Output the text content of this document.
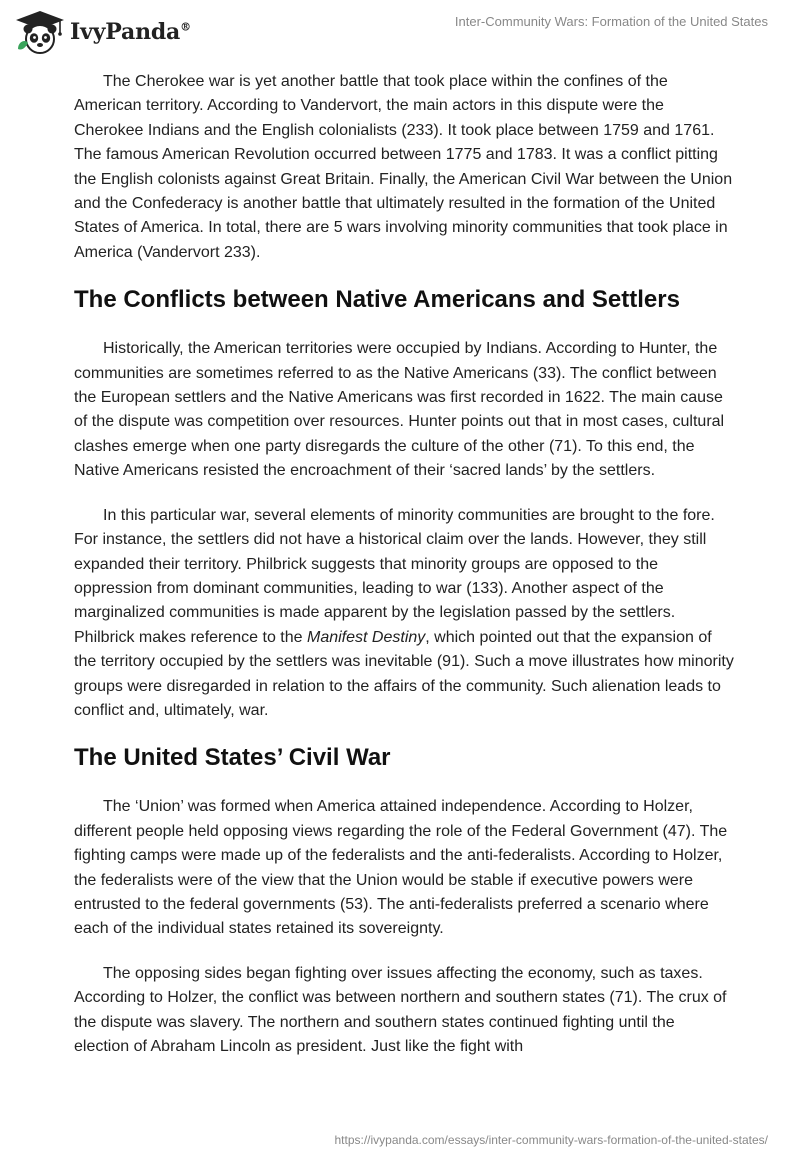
IvyPanda®	Inter-Community Wars: Formation of the United States

The Cherokee war is yet another battle that took place within the confines of the American territory. According to Vandervort, the main actors in this dispute were the Cherokee Indians and the English colonialists (233). It took place between 1759 and 1761. The famous American Revolution occurred between 1775 and 1783. It was a conflict pitting the English colonists against Great Britain. Finally, the American Civil War between the Union and the Confederacy is another battle that ultimately resulted in the formation of the United States of America. In total, there are 5 wars involving minority communities that took place in America (Vandervort 233).

The Conflicts between Native Americans and Settlers

Historically, the American territories were occupied by Indians. According to Hunter, the communities are sometimes referred to as the Native Americans (33). The conflict between the European settlers and the Native Americans was first recorded in 1622. The main cause of the dispute was competition over resources. Hunter points out that in most cases, cultural clashes emerge when one party disregards the culture of the other (71). To this end, the Native Americans resisted the encroachment of their ‘sacred lands’ by the settlers.

In this particular war, several elements of minority communities are brought to the fore. For instance, the settlers did not have a historical claim over the lands. However, they still expanded their territory. Philbrick suggests that minority groups are opposed to the oppression from dominant communities, leading to war (133). Another aspect of the marginalized communities is made apparent by the legislation passed by the settlers. Philbrick makes reference to the Manifest Destiny, which pointed out that the expansion of the territory occupied by the settlers was inevitable (91). Such a move illustrates how minority groups were disregarded in relation to the affairs of the community. Such alienation leads to conflict and, ultimately, war.

The United States’ Civil War

The ‘Union’ was formed when America attained independence. According to Holzer, different people held opposing views regarding the role of the Federal Government (47). The fighting camps were made up of the federalists and the anti-federalists. According to Holzer, the federalists were of the view that the Union would be stable if executive powers were entrusted to the federal governments (53). The anti-federalists preferred a scenario where each of the individual states retained its sovereignty.

The opposing sides began fighting over issues affecting the economy, such as taxes. According to Holzer, the conflict was between northern and southern states (71). The crux of the dispute was slavery. The northern and southern states continued fighting until the election of Abraham Lincoln as president. Just like the fight with

https://ivypanda.com/essays/inter-community-wars-formation-of-the-united-states/
